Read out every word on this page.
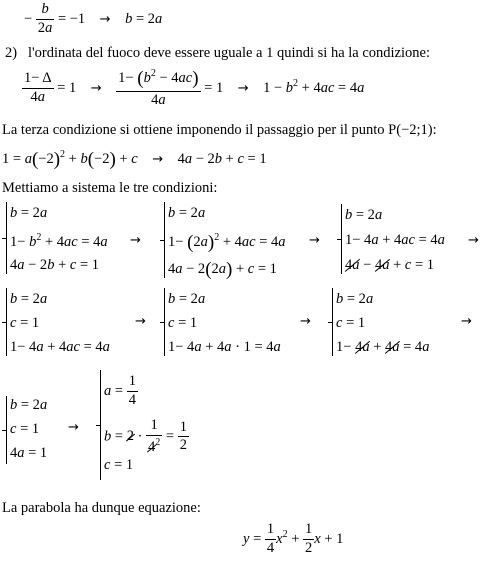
− $\frac{b}{2a} = -1$    → b = 2a
2) l'ordinata del fuoco deve essere uguale a 1 quindi si ha la condizione:
$\frac{1- \Delta}{4a} = 1$    → $\frac{1- (b^2 - 4ac)}{4a} = 1$    →    $1 - b^2 + 4ac = 4a$
La terza condizione si ottiene imponendo il passaggio per il punto P(−2;1):
$1 = a(-2)^2 + b(-2) + c$ →    4a − 2b + c = 1
Mettiamo a sistema le tre condizioni:
b = 2a
$1- b^2 + 4ac = 4a$
4a − 2b + c = 1
→
b = 2a
$1- (2a)^2 + 4ac = 4a$
4a − 2(2a) + c = 1
→
b = 2a
1− 4a + 4ac = 4a
4a − 4a + c = 1
→
b = 2a
c = 1
1− 4a + 4ac = 4a
→
b = 2a
c = 1
1− 4a + 4a · 1 = 4a
→
b = 2a
c = 1
1− 4a + 4a = 4a
→
b = 2a
c = 1
4a = 1
→
$a = \frac{1}{4}$
$b = 2 \cdot \frac{1}{4^2} = \frac{1}{2}$
c = 1
La parabola ha dunque equazione:
$y = \frac{1}{4} x^2 + \frac{1}{2}$ x + 1
